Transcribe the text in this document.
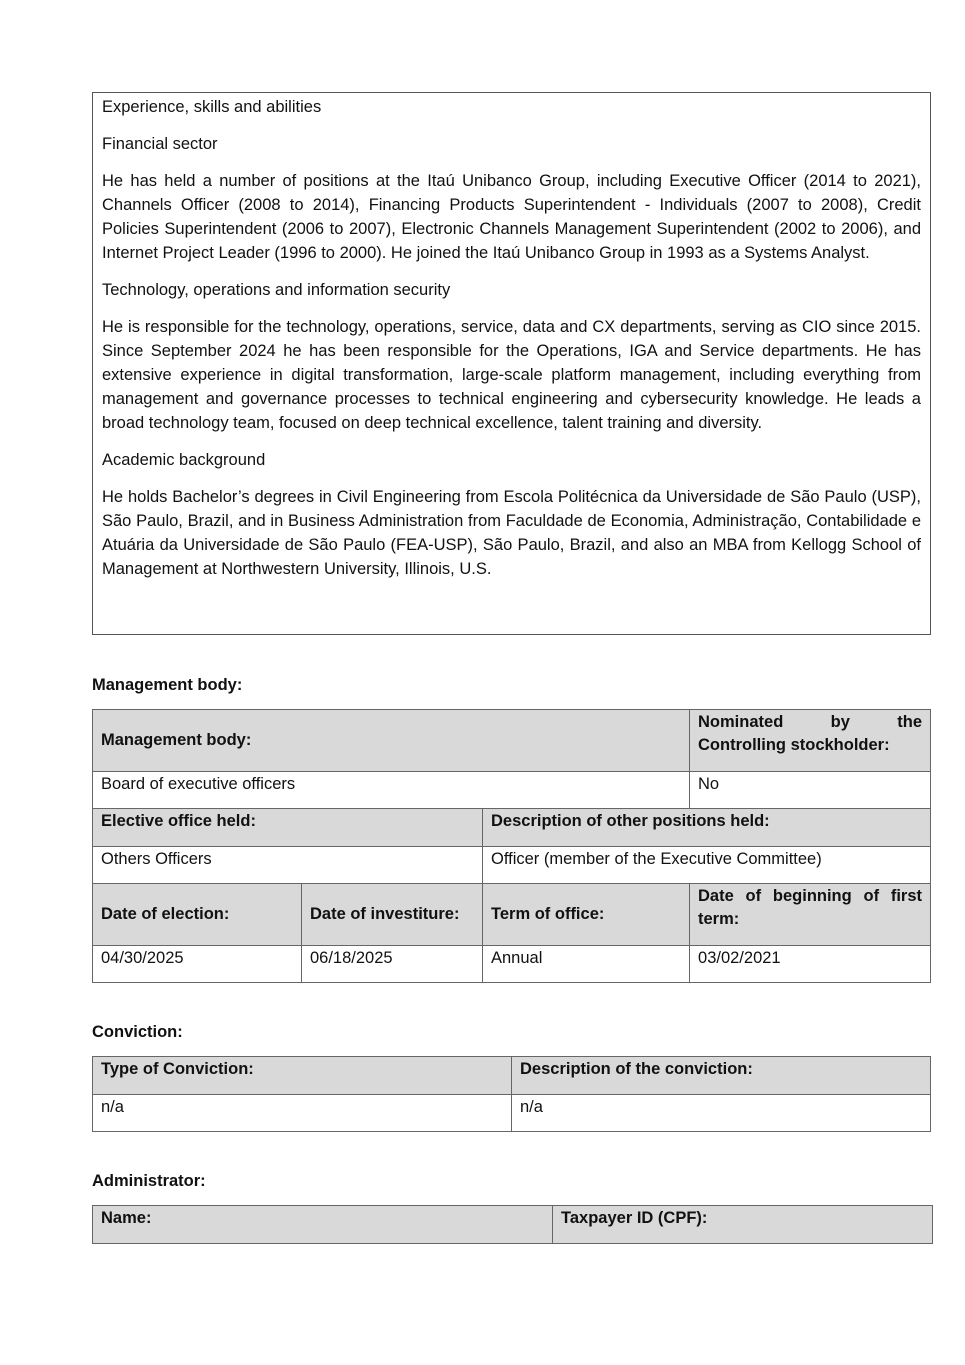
Experience, skills and abilities

Financial sector

He has held a number of positions at the Itaú Unibanco Group, including Executive Officer (2014 to 2021), Channels Officer (2008 to 2014), Financing Products Superintendent - Individuals (2007 to 2008), Credit Policies Superintendent (2006 to 2007), Electronic Channels Management Superintendent (2002 to 2006), and Internet Project Leader (1996 to 2000). He joined the Itaú Unibanco Group in 1993 as a Systems Analyst.

Technology, operations and information security

He is responsible for the technology, operations, service, data and CX departments, serving as CIO since 2015. Since September 2024 he has been responsible for the Operations, IGA and Service departments. He has extensive experience in digital transformation, large-scale platform management, including everything from management and governance processes to technical engineering and cybersecurity knowledge. He leads a broad technology team, focused on deep technical excellence, talent training and diversity.

Academic background

He holds Bachelor’s degrees in Civil Engineering from Escola Politécnica da Universidade de São Paulo (USP), São Paulo, Brazil, and in Business Administration from Faculdade de Economia, Administração, Contabilidade e Atuária da Universidade de São Paulo (FEA-USP), São Paulo, Brazil, and also an MBA from Kellogg School of Management at Northwestern University, Illinois, U.S.

Management body:
Management body:			Nominated by the Controlling stockholder:
Board of executive officers			No
Elective office held:		Description of other positions held:	
Others Officers		Officer (member of the Executive Committee)	
Date of election:	Date of investiture:	Term of office:	Date of beginning of first term:
04/30/2025	06/18/2025	Annual	03/02/2021
Conviction:
Type of Conviction:	Description of the conviction:
n/a	n/a
Administrator:
Name:	Taxpayer ID (CPF):
